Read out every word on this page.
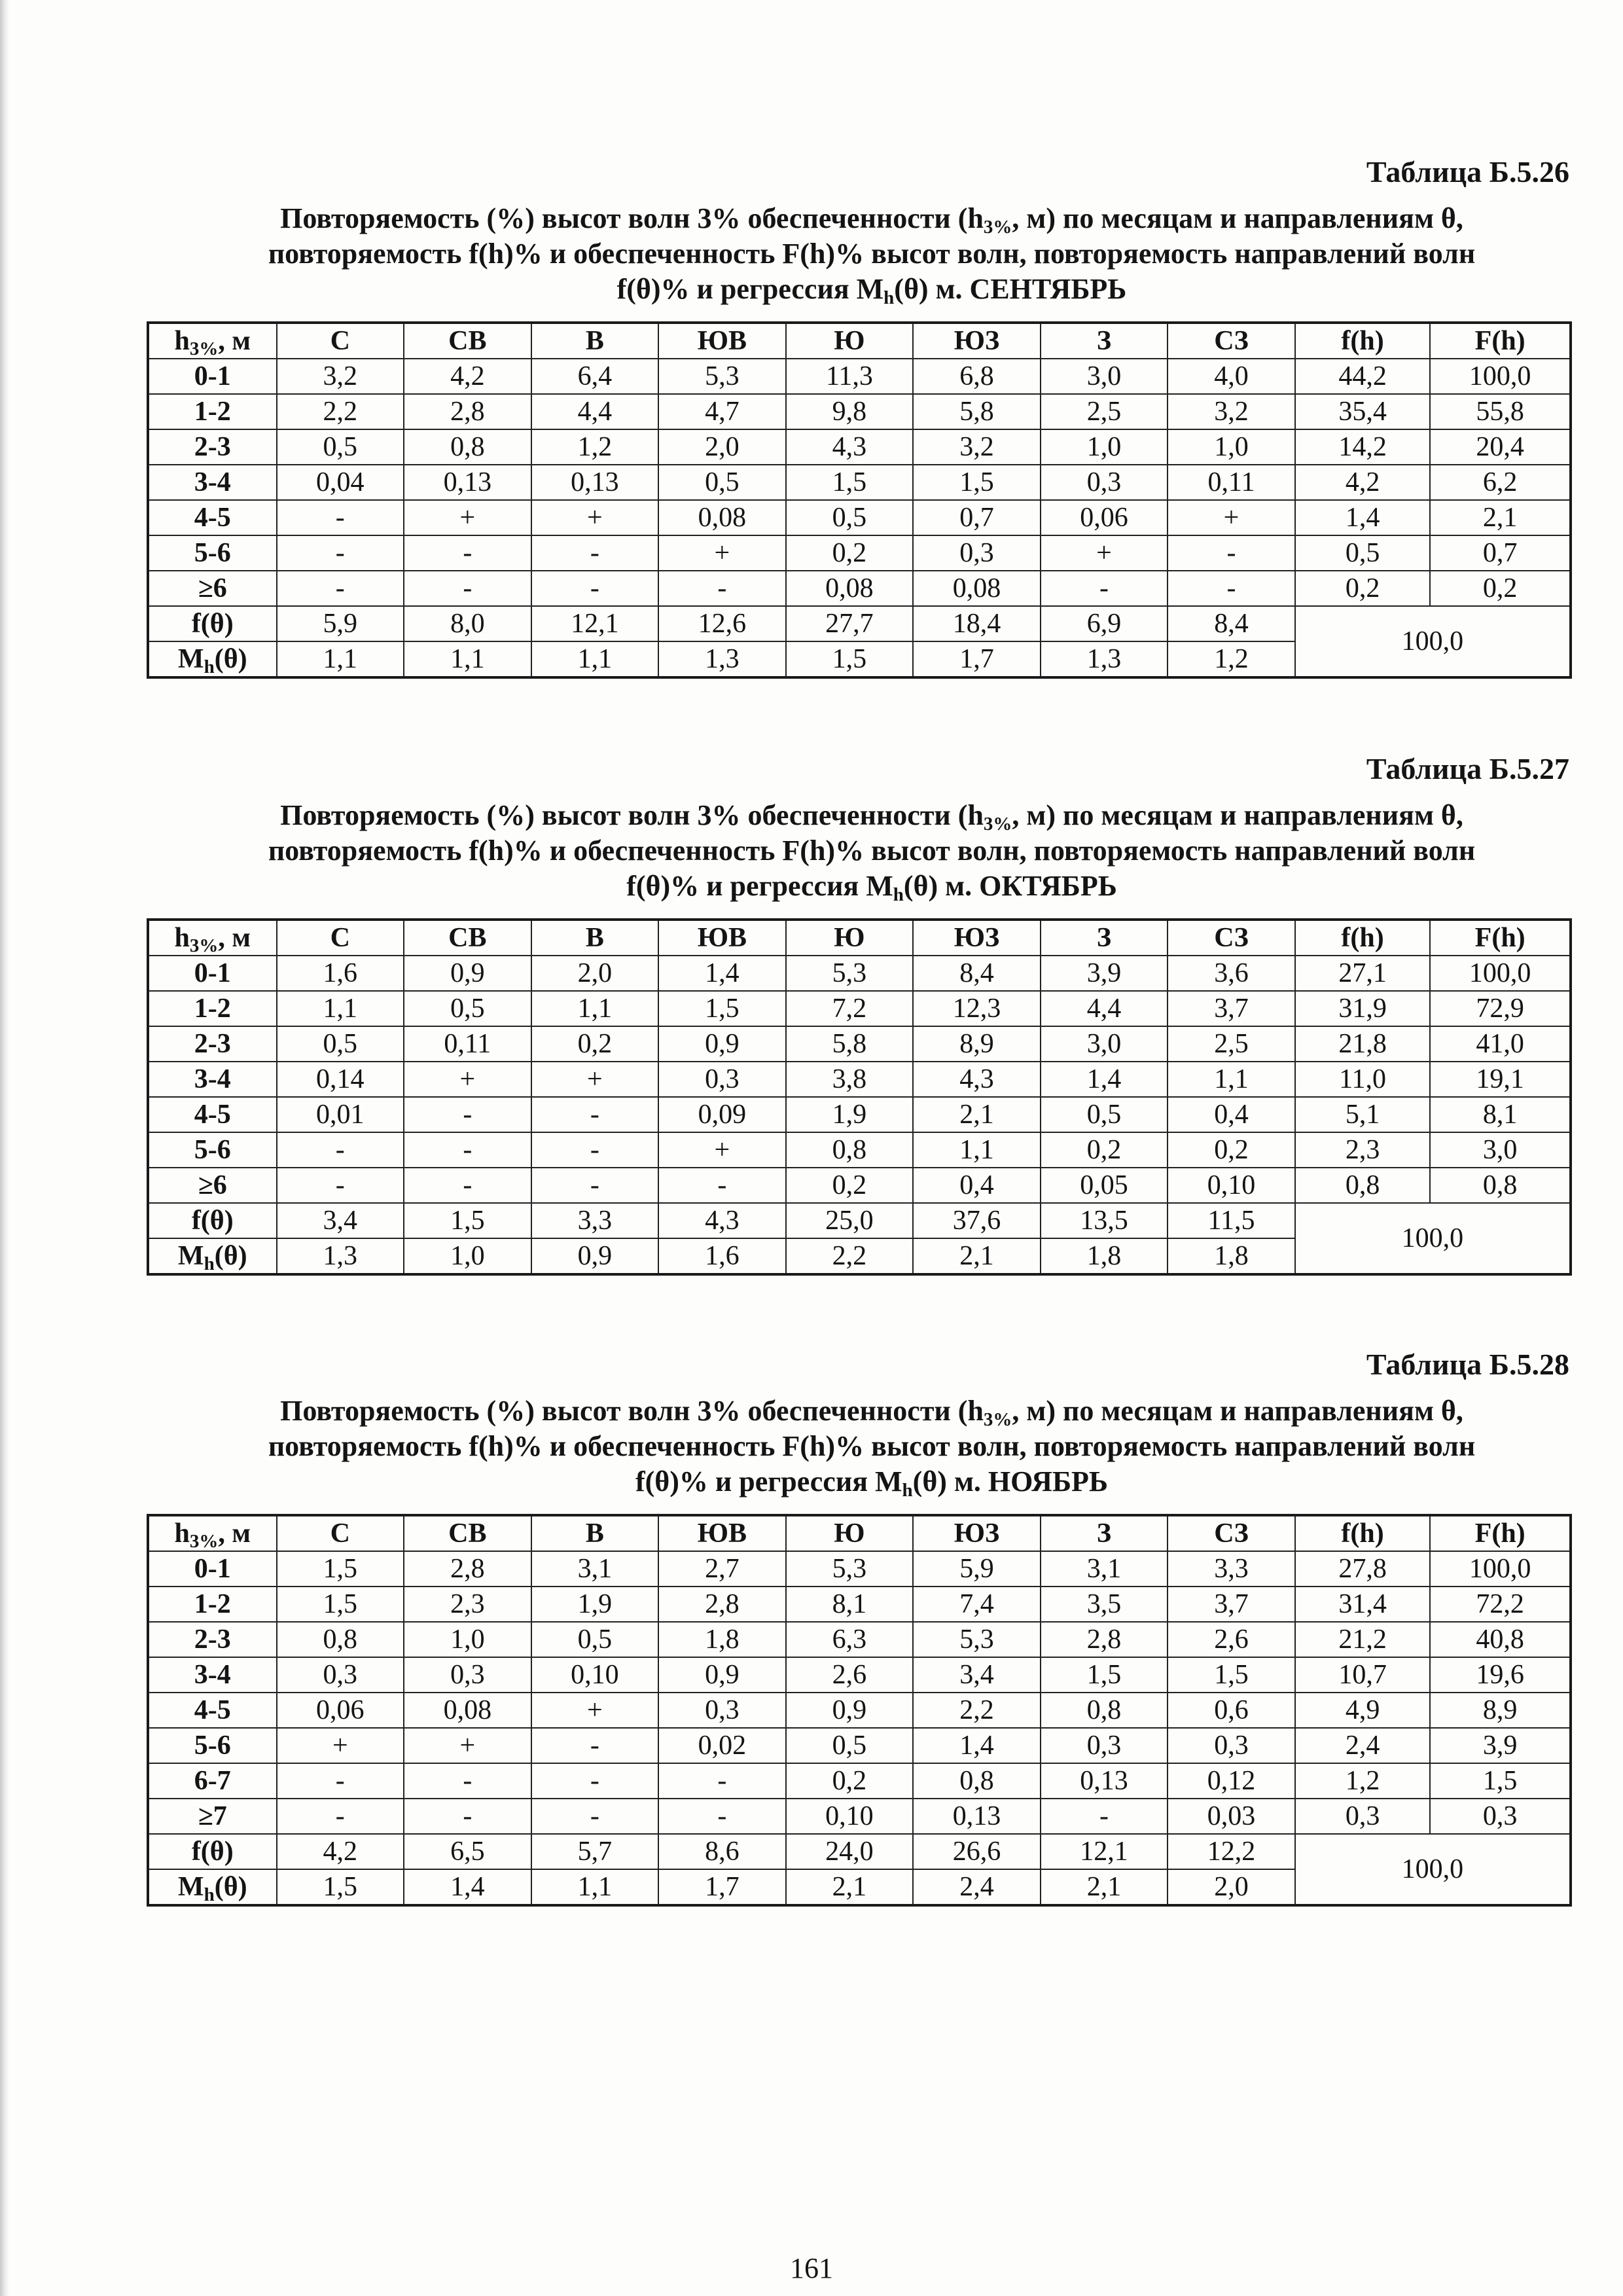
Таблица Б.5.26
Повторяемость (%) высот волн 3% обеспеченности ($h_{3\%}$, м) по месяцам и направлениям θ,
повторяемость f(h)% и обеспеченность F(h)% высот волн, повторяемость направлений волн
f(θ)% и регрессия $M_h(\theta)$ м. СЕНТЯБРЬ
$h_{3\%}$, м	С	СВ	В	ЮВ	Ю	ЮЗ	З	СЗ	f(h)	F(h)
0-1	3,2	4,2	6,4	5,3	11,3	6,8	3,0	4,0	44,2	100,0
1-2	2,2	2,8	4,4	4,7	9,8	5,8	2,5	3,2	35,4	55,8
2-3	0,5	0,8	1,2	2,0	4,3	3,2	1,0	1,0	14,2	20,4
3-4	0,04	0,13	0,13	0,5	1,5	1,5	0,3	0,11	4,2	6,2
4-5	-	+	+	0,08	0,5	0,7	0,06	+	1,4	2,1
5-6	-	-	-	+	0,2	0,3	+	-	0,5	0,7
≥6	-	-	-	-	0,08	0,08	-	-	0,2	0,2
f(θ)	5,9	8,0	12,1	12,6	27,7	18,4	6,9	8,4	100,0	
$M_h(\theta)$	1,1	1,1	1,1	1,3	1,5	1,7	1,3	1,2		
Таблица Б.5.27
Повторяемость (%) высот волн 3% обеспеченности ($h_{3\%}$, м) по месяцам и направлениям θ,
повторяемость f(h)% и обеспеченность F(h)% высот волн, повторяемость направлений волн
f(θ)% и регрессия $M_h(\theta)$ м. ОКТЯБРЬ
$h_{3\%}$, м	С	СВ	В	ЮВ	Ю	ЮЗ	З	СЗ	f(h)	F(h)
0-1	1,6	0,9	2,0	1,4	5,3	8,4	3,9	3,6	27,1	100,0
1-2	1,1	0,5	1,1	1,5	7,2	12,3	4,4	3,7	31,9	72,9
2-3	0,5	0,11	0,2	0,9	5,8	8,9	3,0	2,5	21,8	41,0
3-4	0,14	+	+	0,3	3,8	4,3	1,4	1,1	11,0	19,1
4-5	0,01	-	-	0,09	1,9	2,1	0,5	0,4	5,1	8,1
5-6	-	-	-	+	0,8	1,1	0,2	0,2	2,3	3,0
≥6	-	-	-	-	0,2	0,4	0,05	0,10	0,8	0,8
f(θ)	3,4	1,5	3,3	4,3	25,0	37,6	13,5	11,5	100,0	
$M_h(\theta)$	1,3	1,0	0,9	1,6	2,2	2,1	1,8	1,8		
Таблица Б.5.28
Повторяемость (%) высот волн 3% обеспеченности ($h_{3\%}$, м) по месяцам и направлениям θ,
повторяемость f(h)% и обеспеченность F(h)% высот волн, повторяемость направлений волн
f(θ)% и регрессия $M_h(\theta)$ м. НОЯБРЬ
$h_{3\%}$, м	С	СВ	В	ЮВ	Ю	ЮЗ	З	СЗ	f(h)	F(h)
0-1	1,5	2,8	3,1	2,7	5,3	5,9	3,1	3,3	27,8	100,0
1-2	1,5	2,3	1,9	2,8	8,1	7,4	3,5	3,7	31,4	72,2
2-3	0,8	1,0	0,5	1,8	6,3	5,3	2,8	2,6	21,2	40,8
3-4	0,3	0,3	0,10	0,9	2,6	3,4	1,5	1,5	10,7	19,6
4-5	0,06	0,08	+	0,3	0,9	2,2	0,8	0,6	4,9	8,9
5-6	+	+	-	0,02	0,5	1,4	0,3	0,3	2,4	3,9
6-7	-	-	-	-	0,2	0,8	0,13	0,12	1,2	1,5
≥7	-	-	-	-	0,10	0,13	-	0,03	0,3	0,3
f(θ)	4,2	6,5	5,7	8,6	24,0	26,6	12,1	12,2	100,0	
$M_h(\theta)$	1,5	1,4	1,1	1,7	2,1	2,4	2,1	2,0		
161
